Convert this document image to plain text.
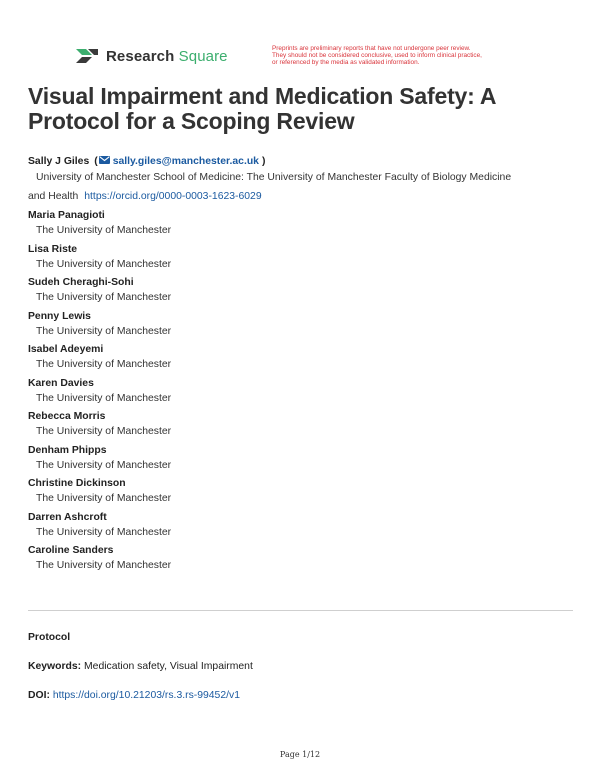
Research Square	Preprints are preliminary reports that have not undergone peer review.
They should not be considered conclusive, used to inform clinical practice,
or referenced by the media as validated information.
Visual Impairment and Medication Safety: A
Protocol for a Scoping Review
Sally J Giles ( sally.giles@manchester.ac.uk )
University of Manchester School of Medicine: The University of Manchester Faculty of Biology Medicine
and Health https://orcid.org/0000-0003-1623-6029
Maria Panagioti
The University of Manchester
Lisa Riste
The University of Manchester
Sudeh Cheraghi-Sohi
The University of Manchester
Penny Lewis
The University of Manchester
Isabel Adeyemi
The University of Manchester
Karen Davies
The University of Manchester
Rebecca Morris
The University of Manchester
Denham Phipps
The University of Manchester
Christine Dickinson
The University of Manchester
Darren Ashcroft
The University of Manchester
Caroline Sanders
The University of Manchester
Protocol
Keywords: Medication safety, Visual Impairment
DOI: https://doi.org/10.21203/rs.3.rs-99452/v1
Page 1/12
